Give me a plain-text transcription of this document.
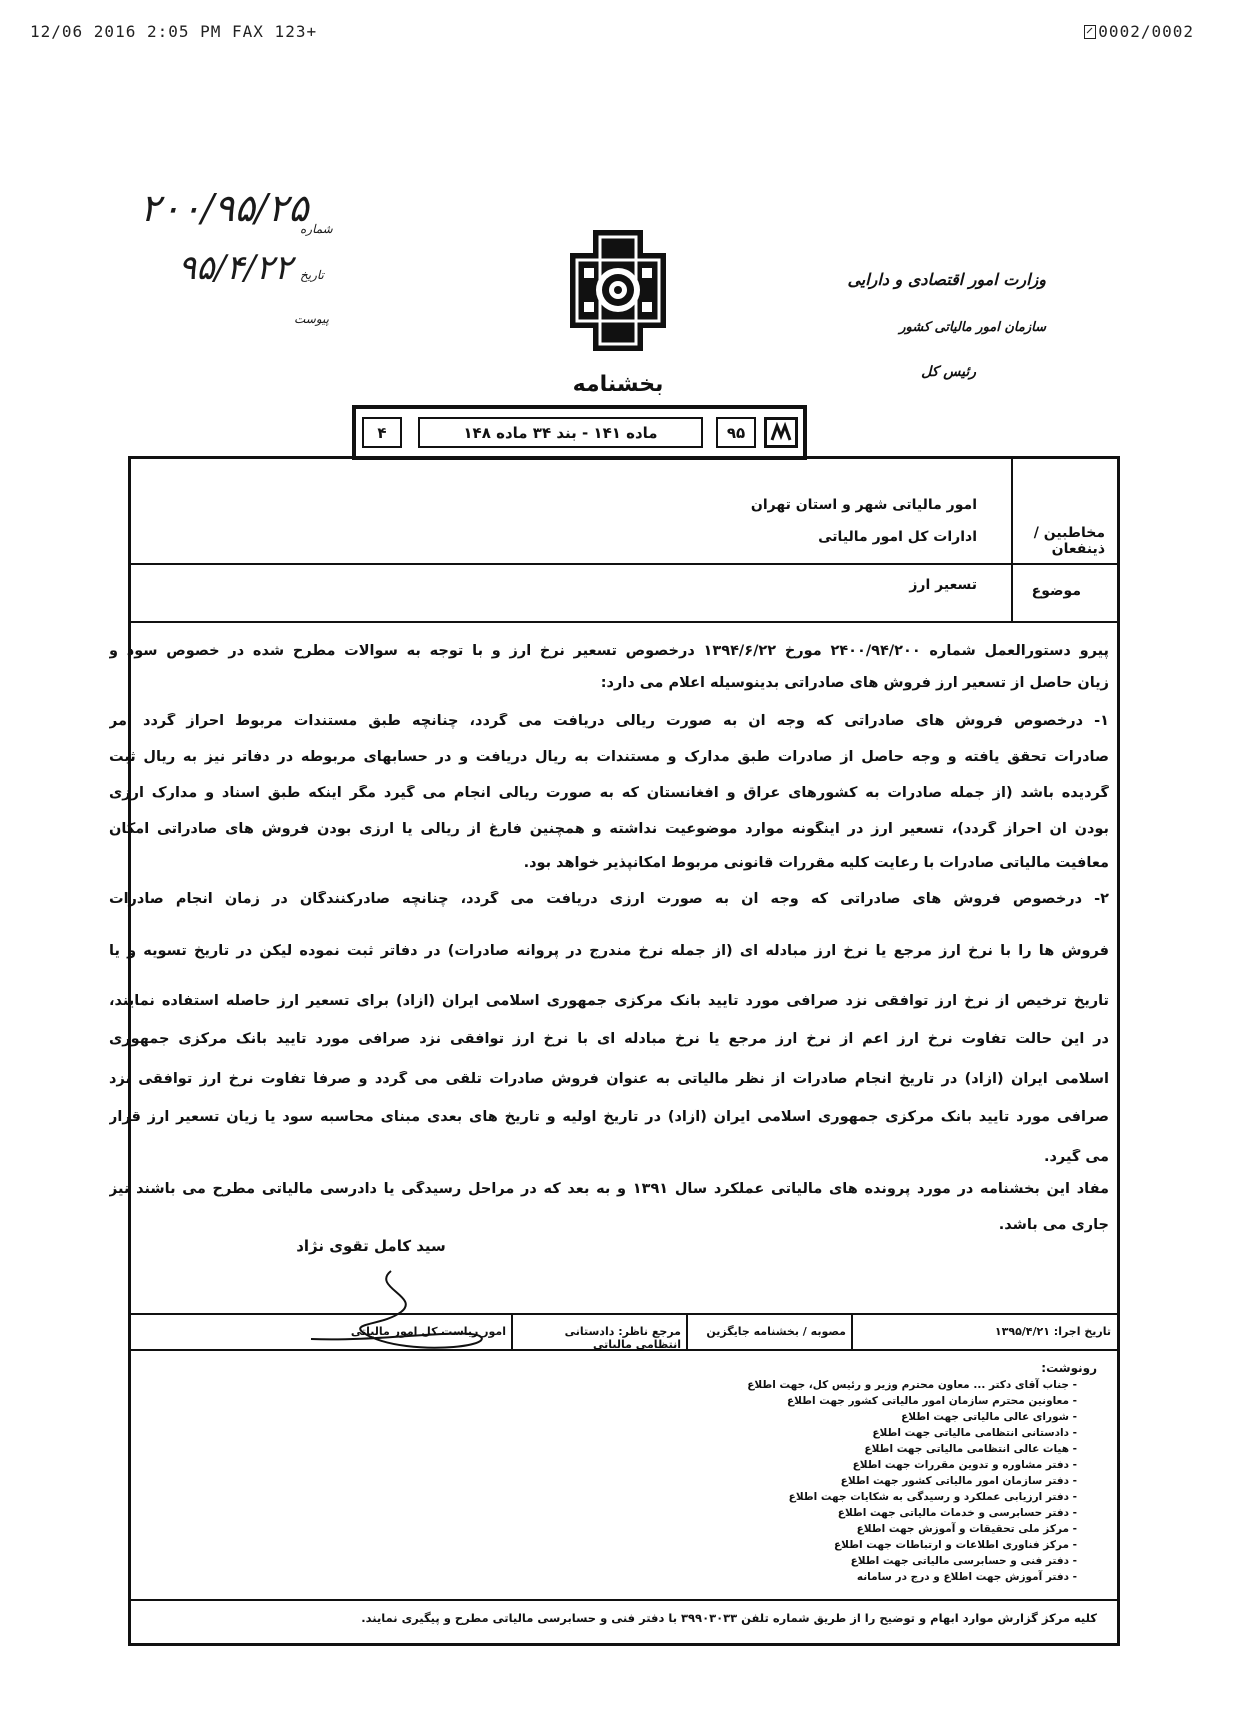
12/06 2016 2:05 PM FAX 123+	0002/0002
۲۰۰/۹۵/۲۵
۹۵/۴/۲۲
شماره
تاریخ
پیوست
وزارت امور اقتصادی و دارایی
سازمان امور مالیاتی کشور
رئیس کل
بخشنامه
۴	ماده ۱۴۱ - بند ۳۴ ماده ۱۴۸	۹۵
مخاطبین / ذینفعان
امور مالیاتی شهر و استان تهران
ادارات کل امور مالیاتی
موضوع
تسعیر ارز
پیرو دستورالعمل شماره ۲۴۰۰/۹۴/۲۰۰ مورخ ۱۳۹۴/۶/۲۲ درخصوص تسعیر نرخ ارز و با توجه به سوالات مطرح شده در خصوص سود و
زیان حاصل از تسعیر ارز فروش های صادراتی بدینوسیله اعلام می دارد:
۱- درخصوص فروش های صادراتی که وجه آن به صورت ریالی دریافت می گردد، چنانچه طبق مستندات مربوط احراز گردد امر
صادرات تحقق یافته و وجه حاصل از صادرات طبق مدارک و مستندات به ریال دریافت و در حسابهای مربوطه در دفاتر نیز به ریال ثبت
گردیده باشد (از جمله صادرات به کشورهای عراق و افغانستان که به صورت ریالی انجام می گیرد مگر اینکه طبق اسناد و مدارک ارزی
بودن آن احراز گردد)، تسعیر ارز در اینگونه موارد موضوعیت نداشته و همچنین فارغ از ریالی یا ارزی بودن فروش های صادراتی امکان
معافیت مالیاتی صادرات با رعایت کلیه مقررات قانونی مربوط امکانپذیر خواهد بود.
۲- درخصوص فروش های صادراتی که وجه آن به صورت ارزی دریافت می گردد، چنانچه صادرکنندگان در زمان انجام صادرات
فروش ها را با نرخ ارز مرجع یا نرخ ارز مبادله ای (از جمله نرخ مندرج در پروانه صادرات) در دفاتر ثبت نموده لیکن در تاریخ تسویه و یا
تاریخ ترخیص از نرخ ارز توافقی نزد صرافی مورد تایید بانک مرکزی جمهوری اسلامی ایران (آزاد) برای تسعیر ارز حاصله استفاده نمایند،
در این حالت تفاوت نرخ ارز اعم از نرخ ارز مرجع یا نرخ مبادله ای با نرخ ارز توافقی نزد صرافی مورد تایید بانک مرکزی جمهوری
اسلامی ایران (آزاد) در تاریخ انجام صادرات از نظر مالیاتی به عنوان فروش صادرات تلقی می گردد و صرفاً تفاوت نرخ ارز توافقی نزد
صرافی مورد تایید بانک مرکزی جمهوری اسلامی ایران (آزاد) در تاریخ اولیه و تاریخ های بعدی مبنای محاسبه سود یا زیان تسعیر ارز قرار
می گیرد.
مفاد این بخشنامه در مورد پرونده های مالیاتی عملکرد سال ۱۳۹۱ و به بعد که در مراحل رسیدگی یا دادرسی مالیاتی مطرح می باشند نیز
جاری می باشد.
سید کامل تقوی نژاد
تاریخ اجرا: ۱۳۹۵/۴/۲۱
مصوبه / بخشنامه جایگزین
مرجع ناظر: دادستانی انتظامی مالیاتی
امور ریاست کل امور مالیاتی
رونوشت:
- جناب آقای دکتر ... معاون محترم وزیر و رئیس کل، جهت اطلاع
- معاونین محترم سازمان امور مالیاتی کشور جهت اطلاع
- شورای عالی مالیاتی جهت اطلاع
- دادستانی انتظامی مالیاتی جهت اطلاع
- هیات عالی انتظامی مالیاتی جهت اطلاع
- دفتر مشاوره و تدوین مقررات جهت اطلاع
- دفتر سازمان امور مالیاتی کشور جهت اطلاع
- دفتر ارزیابی عملکرد و رسیدگی به شکایات جهت اطلاع
- دفتر حسابرسی و خدمات مالیاتی جهت اطلاع
- مرکز ملی تحقیقات و آموزش جهت اطلاع
- مرکز فناوری اطلاعات و ارتباطات جهت اطلاع
- دفتر فنی و حسابرسی مالیاتی جهت اطلاع
- دفتر آموزش جهت اطلاع و درج در سامانه
کلیه مرکز گزارش موارد ابهام و توضیح را از طریق شماره تلفن ۳۹۹۰۳۰۳۳ با دفتر فنی و حسابرسی مالیاتی مطرح و پیگیری نمایند.
